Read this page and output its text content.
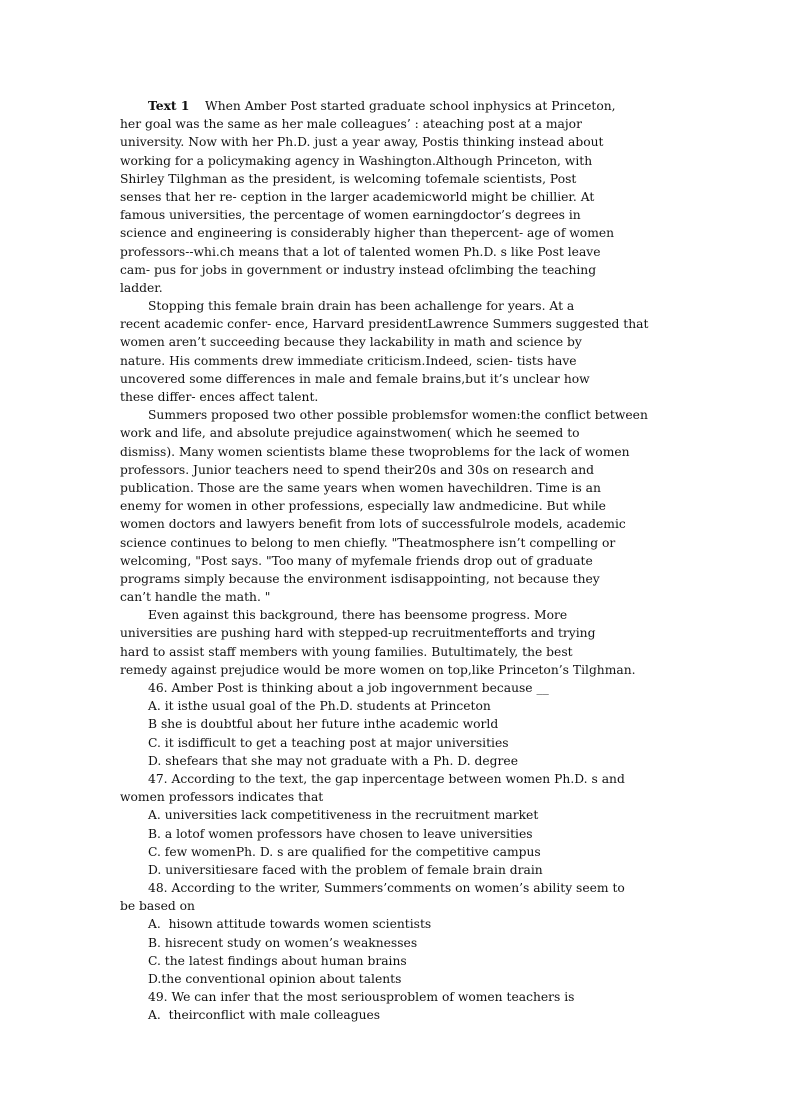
Text 1    When Amber Post started graduate school inphysics at Princeton,
her goal was the same as her male colleagues’ : ateaching post at a major
university. Now with her Ph.D. just a year away, Postis thinking instead about
working for a policymaking agency in Washington.Although Princeton, with
Shirley Tilghman as the president, is welcoming tofemale scientists, Post
senses that her re- ception in the larger academicworld might be chillier. At
famous universities, the percentage of women earningdoctor’s degrees in
science and engineering is considerably higher than thepercent- age of women
professors--whi.ch means that a lot of talented women Ph.D. s like Post leave
cam- pus for jobs in government or industry instead ofclimbing the teaching
ladder.
Stopping this female brain drain has been achallenge for years. At a
recent academic confer- ence, Harvard presidentLawrence Summers suggested that
women aren’t succeeding because they lackability in math and science by
nature. His comments drew immediate criticism.Indeed, scien- tists have
uncovered some differences in male and female brains,but it’s unclear how
these differ- ences affect talent.
Summers proposed two other possible problemsfor women:the conflict between
work and life, and absolute prejudice againstwomen( which he seemed to
dismiss). Many women scientists blame these twoproblems for the lack of women
professors. Junior teachers need to spend their20s and 30s on research and
publication. Those are the same years when women havechildren. Time is an
enemy for women in other professions, especially law andmedicine. But while
women doctors and lawyers benefit from lots of successfulrole models, academic
science continues to belong to men chiefly. "Theatmosphere isn’t compelling or
welcoming, "Post says. "Too many of myfemale friends drop out of graduate
programs simply because the environment isdisappointing, not because they
can’t handle the math. "
Even against this background, there has beensome progress. More
universities are pushing hard with stepped-up recruitmentefforts and trying
hard to assist staff members with young families. Butultimately, the best
remedy against prejudice would be more women on top,like Princeton’s Tilghman.
46. Amber Post is thinking about a job ingovernment because __
A. it isthe usual goal of the Ph.D. students at Princeton
B she is doubtful about her future inthe academic world
C. it isdifficult to get a teaching post at major universities
D. shefears that she may not graduate with a Ph. D. degree
47. According to the text, the gap inpercentage between women Ph.D. s and
women professors indicates that
A. universities lack competitiveness in the recruitment market
B. a lotof women professors have chosen to leave universities
C. few womenPh. D. s are qualified for the competitive campus
D. universitiesare faced with the problem of female brain drain
48. According to the writer, Summers’comments on women’s ability seem to
be based on
A.  hisown attitude towards women scientists
B. hisrecent study on women’s weaknesses
C. the latest findings about human brains
D.the conventional opinion about talents
49. We can infer that the most seriousproblem of women teachers is
A.  theirconflict with male colleagues
